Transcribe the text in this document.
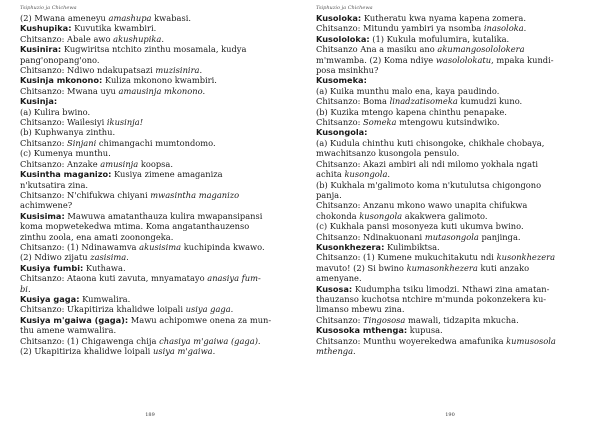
Tsiphuzio ja Chichewa
(2) Mwana ameneyu amashupa kwabasi.
Kushupika: Kuvutika kwambiri.
Chitsanzo: Abale awo akushupika.
Kusinira: Kugwiritsa ntchito zinthu mosamala, kudya
pang'onopang'ono.
Chitsanzo: Ndiwo ndakupatsazi muzisinira.
Kusinja mkonono: Kuliza mkonono kwambiri.
Chitsanzo: Mwana uyu amausinja mkonono.
Kusinja:
(a) Kulira bwino.
Chitsanzo: Wailesiyi ikusinja!
(b) Kuphwanya zinthu.
Chitsanzo: Sinjani chimangachi mumtondomo.
(c) Kumenya munthu.
Chitsanzo: Anzake amusinja koopsa.
Kusintha maganizo: Kusiya zimene amaganiza
n'kutsatira zina.
Chitsanzo: N'chifukwa chiyani mwasintha maganizo
achimwene?
Kusisima: Mawuwa amatanthauza kulira mwapansipansi
koma mopwetekedwa mtima. Koma angatanthauzenso
zinthu zoola, ena amati zoonongeka.
Chitsanzo: (1) Ndinawamva akusisima kuchipinda kwawo.
(2) Ndiwo zijatu zasisima.
Kusiya fumbi: Kuthawa.
Chitsanzo: Ataona kuti zavuta, mnyamatayo anasiya fum-
bi.
Kusiya gaga: Kumwalira.
Chitsanzo: Ukapitiriza khalidwe loipali usiya gaga.
Kusiya m'gaiwa (gaga): Mawu achipomwe onena za mun-
thu amene wamwalira.
Chitsanzo: (1) Chigawenga chija chasiya m'gaiwa (gaga).
(2) Ukapitiriza khalidwe loipali usiya m'gaiwa.
189
Tsiphuzio ja Chichewa
Kusoloka: Kutheratu kwa nyama kapena zomera.
Chitsanzo: Mitundu yambiri ya nsomba inasoloka.
Kusololoka: (1) Kukula mofulumira, kutalika.
Chitsanzo Ana a masiku ano akumangosololokera
m'mwamba. (2) Koma ndiye wasololokatu, mpaka kundi-
posa msinkhu?
Kusomeka:
(a) Kuika munthu malo ena, kaya paudindo.
Chitsanzo: Boma linadzatisomeka kumudzi kuno.
(b) Kuzika mtengo kapena chinthu penapake.
Chitsanzo: Someka mtengowu kutsindwiko.
Kusongola:
(a) Kudula chinthu kuti chisongoke, chikhale chobaya,
mwachitsanzo kusongola pensulo.
Chitsanzo: Akazi ambiri ali ndi milomo yokhala ngati
achita kusongola.
(b) Kukhala m'galimoto koma n'kutulutsa chigongono
panja.
Chitsanzo: Anzanu mkono wawo unapita chifukwa
chokonda kusongola akakwera galimoto.
(c) Kukhala pansi mosonyeza kuti ukumva bwino.
Chitsanzo: Ndinakuonani mutasongola panjinga.
Kusonkhezera: Kulimbiktsa.
Chitsanzo: (1) Kumene mukuchitakutu ndi kusonkhezera
mavuto! (2) Si bwino kumasonkhezera kuti anzako
amenyane.
Kusosa: Kudumpha tsiku limodzi. Nthawi zina amatan-
thauzanso kuchotsa ntchire m'munda pokonzekera ku-
limanso mbewu zina.
Chitsanzo: Tingososa mawali, tidzapita mkucha.
Kusosoka mthenga: kupusa.
Chitsanzo: Munthu woyerekedwa amafunika kumusosola
mthenga.
190
